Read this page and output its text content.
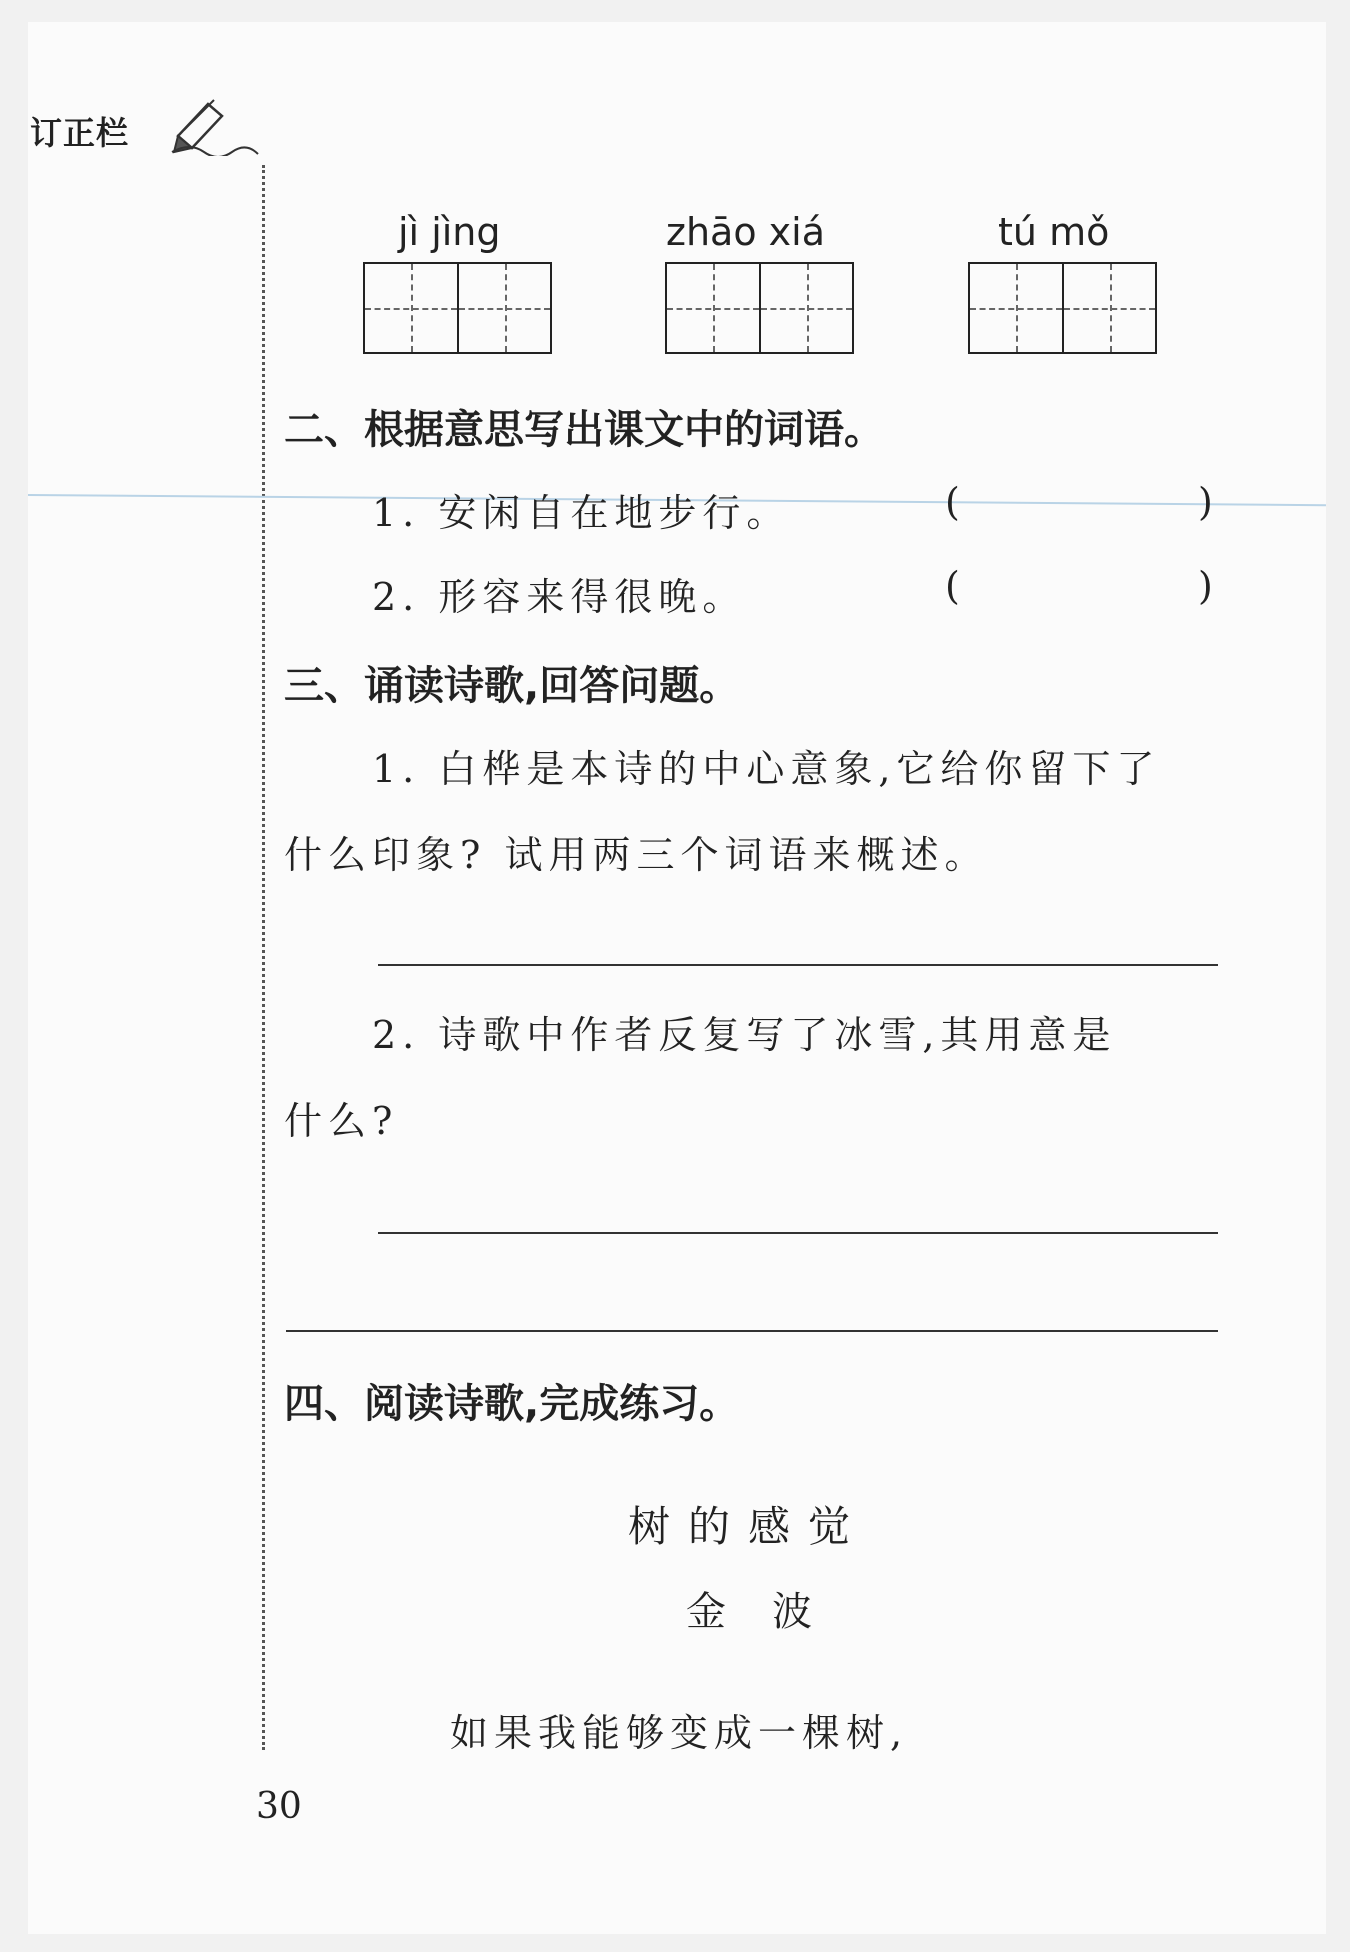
订正栏
jì jìng	zhāo xiá	tú mǒ
二、根据意思写出课文中的词语。
1. 安闲自在地步行。	(	)
2. 形容来得很晚。	(	)
三、诵读诗歌,回答问题。
1. 白桦是本诗的中心意象,它给你留下了
什么印象? 试用两三个词语来概述。
2. 诗歌中作者反复写了冰雪,其用意是
什么?
四、阅读诗歌,完成练习。
树的感觉
金波
如果我能够变成一棵树,
30
